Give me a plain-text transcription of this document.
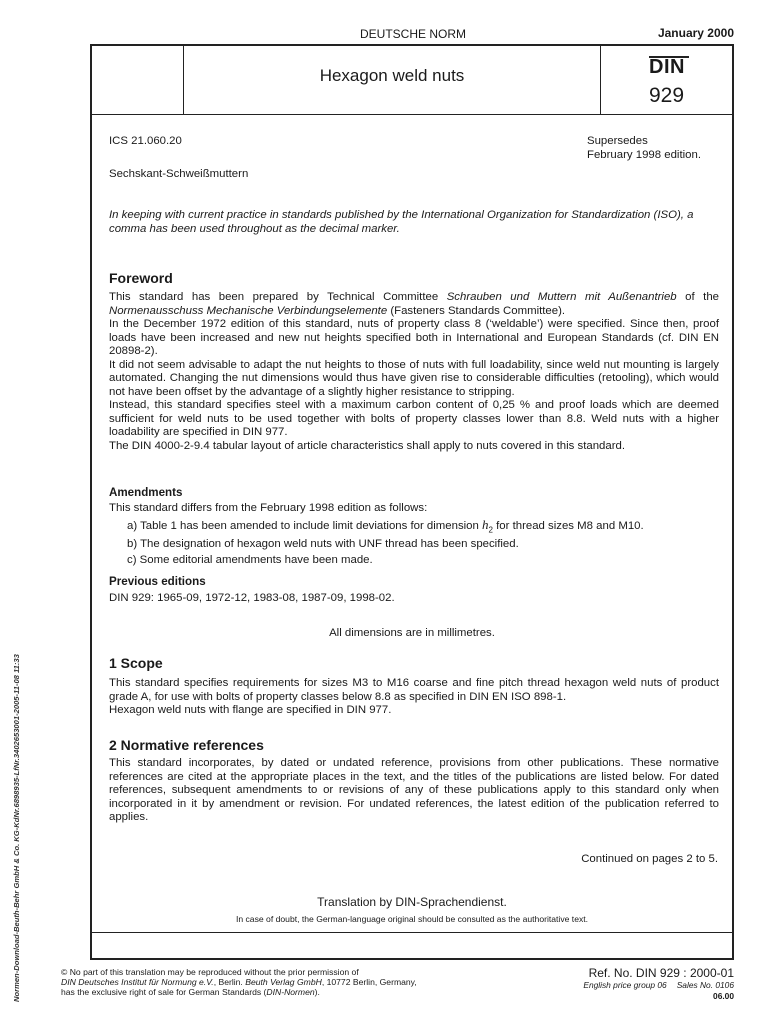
DEUTSCHE NORM	January 2000
Hexagon weld nuts	DIN
929
ICS 21.060.20	Supersedes
February 1998 edition.
Sechskant-Schweißmuttern
In keeping with current practice in standards published by the International Organization for Standardization (ISO), a comma has been used throughout as the decimal marker.
Foreword

This standard has been prepared by Technical Committee Schrauben und Muttern mit Außenantrieb of the Normenausschuss Mechanische Verbindungselemente (Fasteners Standards Committee).

In the December 1972 edition of this standard, nuts of property class 8 (‘weldable’) were specified. Since then, proof loads have been increased and new nut heights specified both in International and European Standards (cf. DIN EN 20898-2).

It did not seem advisable to adapt the nut heights to those of nuts with full loadability, since weld nut mounting is largely automated. Changing the nut dimensions would thus have given rise to considerable difficulties (retooling), which would not have been offset by the advantage of a slightly higher resistance to stripping.

Instead, this standard specifies steel with a maximum carbon content of 0,25 % and proof loads which are deemed sufficient for weld nuts to be used together with bolts of property classes lower than 8.8. Weld nuts with a higher loadability are specified in DIN 977.

The DIN 4000-2-9.4 tabular layout of article characteristics shall apply to nuts covered in this standard.

Amendments

This standard differs from the February 1998 edition as follows:

a) Table 1 has been amended to include limit deviations for dimension $h_2$ for thread sizes M8 and M10.

b) The designation of hexagon weld nuts with UNF thread has been specified.

c) Some editorial amendments have been made.

Previous editions
DIN 929: 1965-09, 1972-12, 1983-08, 1987-09, 1998-02.
All dimensions are in millimetres.
1 Scope

This standard specifies requirements for sizes M3 to M16 coarse and fine pitch thread hexagon weld nuts of product grade A, for use with bolts of property classes below 8.8 as specified in DIN EN ISO 898-1.

Hexagon weld nuts with flange are specified in DIN 977.

2 Normative references
This standard incorporates, by dated or undated reference, provisions from other publications. These normative references are cited at the appropriate places in the text, and the titles of the publications are listed below. For dated references, subsequent amendments to or revisions of any of these publications apply to this standard only when incorporated in it by amendment or revision. For undated references, the latest edition of the publication referred to applies.
Continued on pages 2 to 5.
Translation by DIN-Sprachendienst.
In case of doubt, the German-language original should be consulted as the authoritative text.
© No part of this translation may be reproduced without the prior permission of
DIN Deutsches Institut für Normung e.V., Berlin. Beuth Verlag GmbH, 10772 Berlin, Germany,
has the exclusive right of sale for German Standards (DIN-Normen).
Ref. No. DIN 929 : 2000-01
English price group 06 Sales No. 0106
06.00
Normen-Download-Beuth-Behr GmbH & Co. KG-KdNr.6898935-LfNr.3402653001-2005-11-08 11:33
